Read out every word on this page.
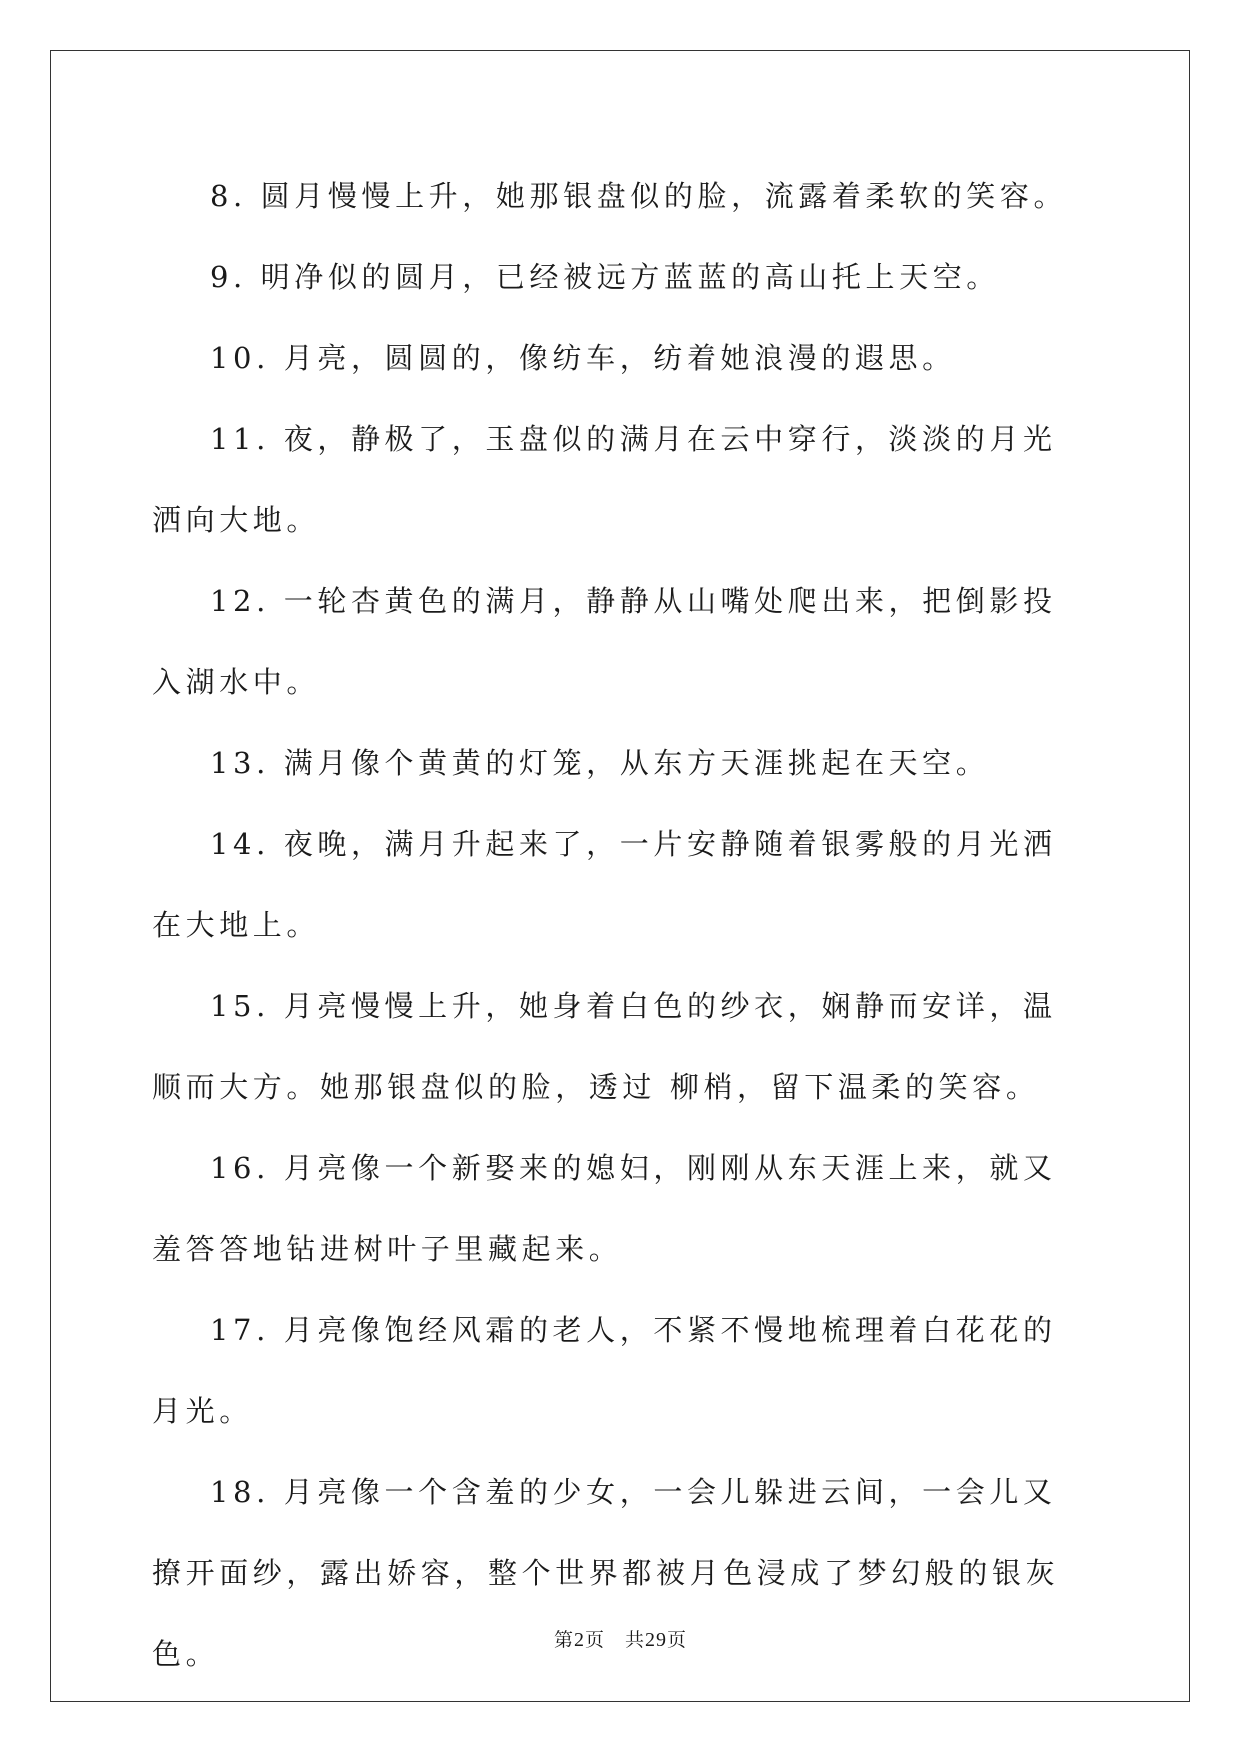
8. 圆月慢慢上升，她那银盘似的脸，流露着柔软的笑容。

9. 明净似的圆月，已经被远方蓝蓝的高山托上天空。

10. 月亮，圆圆的，像纺车，纺着她浪漫的遐思。

11. 夜，静极了，玉盘似的满月在云中穿行，淡淡的月光洒向大地。

12. 一轮杏黄色的满月，静静从山嘴处爬出来，把倒影投入湖水中。

13. 满月像个黄黄的灯笼，从东方天涯挑起在天空。

14. 夜晚，满月升起来了，一片安静随着银雾般的月光洒在大地上。

15. 月亮慢慢上升，她身着白色的纱衣，娴静而安详，温顺而大方。她那银盘似的脸，透过 柳梢，留下温柔的笑容。

16. 月亮像一个新娶来的媳妇，刚刚从东天涯上来，就又羞答答地钻进树叶子里藏起来。

17. 月亮像饱经风霜的老人，不紧不慢地梳理着白花花的月光。

18. 月亮像一个含羞的少女，一会儿躲进云间，一会儿又撩开面纱，露出娇容，整个世界都被月色浸成了梦幻般的银灰色。	第2页 共29页
